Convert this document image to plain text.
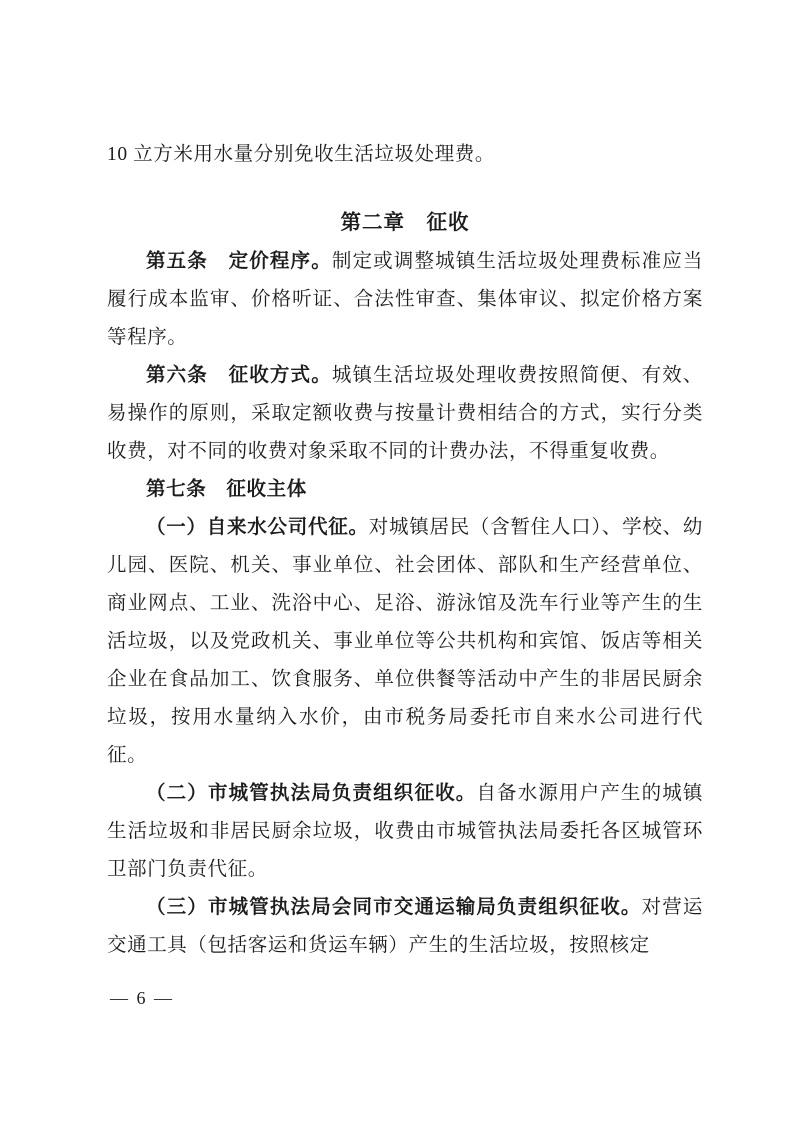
10 立方米用水量分别免收生活垃圾处理费。

第二章　征收

第五条　定价程序。制定或调整城镇生活垃圾处理费标准应当履行成本监审、价格听证、合法性审查、集体审议、拟定价格方案等程序。

第六条　征收方式。城镇生活垃圾处理收费按照简便、有效、易操作的原则，采取定额收费与按量计费相结合的方式，实行分类收费，对不同的收费对象采取不同的计费办法，不得重复收费。

第七条　征收主体

（一）自来水公司代征。对城镇居民（含暂住人口）、学校、幼儿园、医院、机关、事业单位、社会团体、部队和生产经营单位、商业网点、工业、洗浴中心、足浴、游泳馆及洗车行业等产生的生活垃圾，以及党政机关、事业单位等公共机构和宾馆、饭店等相关企业在食品加工、饮食服务、单位供餐等活动中产生的非居民厨余垃圾，按用水量纳入水价，由市税务局委托市自来水公司进行代征。

（二）市城管执法局负责组织征收。自备水源用户产生的城镇生活垃圾和非居民厨余垃圾，收费由市城管执法局委托各区城管环卫部门负责代征。

（三）市城管执法局会同市交通运输局负责组织征收。对营运交通工具（包括客运和货运车辆）产生的生活垃圾，按照核定

— 6 —
